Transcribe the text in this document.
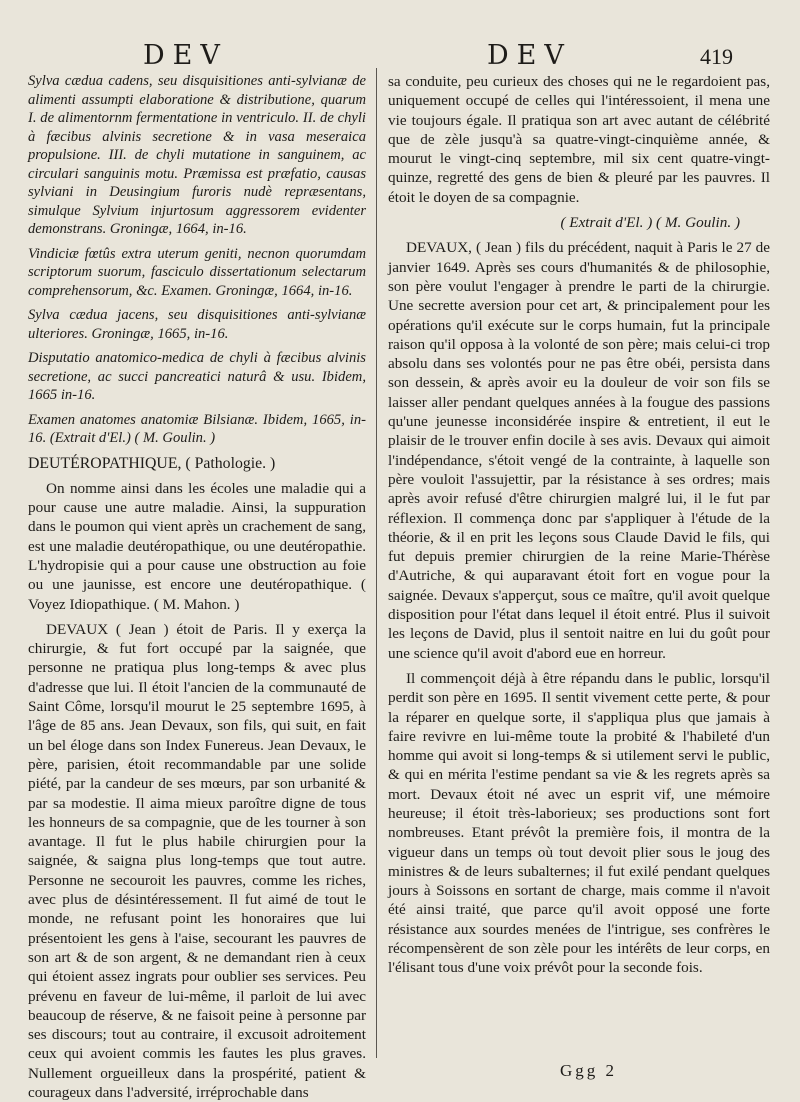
DEV	DEV	419

Sylva cædua cadens, seu disquisitiones anti-sylvianæ de alimenti assumpti elaboratione & distributione, quarum I. de alimentornm fermentatione in ventriculo. II. de chyli à fæcibus alvinis secretione & in vasa meseraica propulsione. III. de chyli mutatione in sanguinem, ac circulari sanguinis motu. Præmissa est præfatio, causas sylviani in Deusingium furoris nudè repræsentans, simulque Sylvium injurtosum aggressorem evidenter demonstrans. Groningæ, 1664, in-16.

Vindiciæ fœtûs extra uterum geniti, necnon quorumdam scriptorum suorum, fasciculo dissertationum selectarum comprehensorum, &c. Examen. Groningæ, 1664, in-16.

Sylva cædua jacens, seu disquisitiones anti-sylvianæ ulteriores. Groningæ, 1665, in-16.

Disputatio anatomico-medica de chyli à fæcibus alvinis secretione, ac succi pancreatici naturâ & usu. Ibidem, 1665 in-16.

Examen anatomes anatomiæ Bilsianæ. Ibidem, 1665, in-16. (Extrait d'El.) ( M. Goulin. )

DEUTÉROPATHIQUE, ( Pathologie. )

On nomme ainsi dans les écoles une maladie qui a pour cause une autre maladie. Ainsi, la suppuration dans le poumon qui vient après un crachement de sang, est une maladie deutéropathique, ou une deutéropathie. L'hydropisie qui a pour cause une obstruction au foie ou une jaunisse, est encore une deutéropathique. ( Voyez Idiopathique. ( M. Mahon. )

DEVAUX ( Jean ) étoit de Paris. Il y exerça la chirurgie, & fut fort occupé par la saignée, que personne ne pratiqua plus long-temps & avec plus d'adresse que lui. Il étoit l'ancien de la communauté de Saint Côme, lorsqu'il mourut le 25 septembre 1695, à l'âge de 85 ans. Jean Devaux, son fils, qui suit, en fait un bel éloge dans son Index Funereus. Jean Devaux, le père, parisien, étoit recommandable par une solide piété, par la candeur de ses mœurs, par son urbanité & par sa modestie. Il aima mieux paroître digne de tous les honneurs de sa compagnie, que de les tourner à son avantage. Il fut le plus habile chirurgien pour la saignée, & saigna plus long-temps que tout autre. Personne ne secouroit les pauvres, comme les riches, avec plus de désintéressement. Il fut aimé de tout le monde, ne refusant point les honoraires que lui présentoient les gens à l'aise, secourant les pauvres de son art & de son argent, & ne demandant rien à ceux qui étoient assez ingrats pour oublier ses services. Peu prévenu en faveur de lui-même, il parloit de lui avec beaucoup de réserve, & ne faisoit peine à personne par ses discours; tout au contraire, il excusoit adroitement ceux qui avoient commis les fautes les plus graves. Nullement orgueilleux dans la prospérité, patient & courageux dans l'adversité, irréprochable dans

sa conduite, peu curieux des choses qui ne le regardoient pas, uniquement occupé de celles qui l'intéressoient, il mena une vie toujours égale. Il pratiqua son art avec autant de célébrité que de zèle jusqu'à sa quatre-vingt-cinquième année, & mourut le vingt-cinq septembre, mil six cent quatre-vingt-quinze, regretté des gens de bien & pleuré par les pauvres. Il étoit le doyen de sa compagnie.

( Extrait d'El. ) ( M. Goulin. )

DEVAUX, ( Jean ) fils du précédent, naquit à Paris le 27 de janvier 1649. Après ses cours d'humanités & de philosophie, son père voulut l'engager à prendre le parti de la chirurgie. Une secrette aversion pour cet art, & principalement pour les opérations qu'il exécute sur le corps humain, fut la principale raison qu'il opposa à la volonté de son père; mais celui-ci trop absolu dans ses volontés pour ne pas être obéi, persista dans son dessein, & après avoir eu la douleur de voir son fils se laisser aller pendant quelques années à la fougue des passions qu'une jeunesse inconsidérée inspire & entretient, il eut le plaisir de le trouver enfin docile à ses avis. Devaux qui aimoit l'indépendance, s'étoit vengé de la contrainte, à laquelle son père vouloit l'assujettir, par la résistance à ses ordres; mais après avoir refusé d'être chirurgien malgré lui, il le fut par réflexion. Il commença donc par s'appliquer à l'étude de la théorie, & il en prit les leçons sous Claude David le fils, qui fut depuis premier chirurgien de la reine Marie-Thérèse d'Autriche, & qui auparavant étoit fort en vogue pour la saignée. Devaux s'apperçut, sous ce maître, qu'il avoit quelque disposition pour l'état dans lequel il étoit entré. Plus il suivoit les leçons de David, plus il sentoit naitre en lui du goût pour une science qu'il avoit d'abord eue en horreur.

Il commençoit déjà à être répandu dans le public, lorsqu'il perdit son père en 1695. Il sentit vivement cette perte, & pour la réparer en quelque sorte, il s'appliqua plus que jamais à faire revivre en lui-même toute la probité & l'habileté d'un homme qui avoit si long-temps & si utilement servi le public, & qui en mérita l'estime pendant sa vie & les regrets après sa mort. Devaux étoit né avec un esprit vif, une mémoire heureuse; il étoit très-laborieux; ses productions sont fort nombreuses. Etant prévôt la première fois, il montra de la vigueur dans un temps où tout devoit plier sous le joug des ministres & de leurs subalternes; il fut exilé pendant quelques jours à Soissons en sortant de charge, mais comme il n'avoit été ainsi traité, que parce qu'il avoit opposé une forte résistance aux sourdes menées de l'intrigue, ses confrères le récompensèrent de son zèle pour les intérêts de leur corps, en l'élisant tous d'une voix prévôt pour la seconde fois.

Ggg 2
